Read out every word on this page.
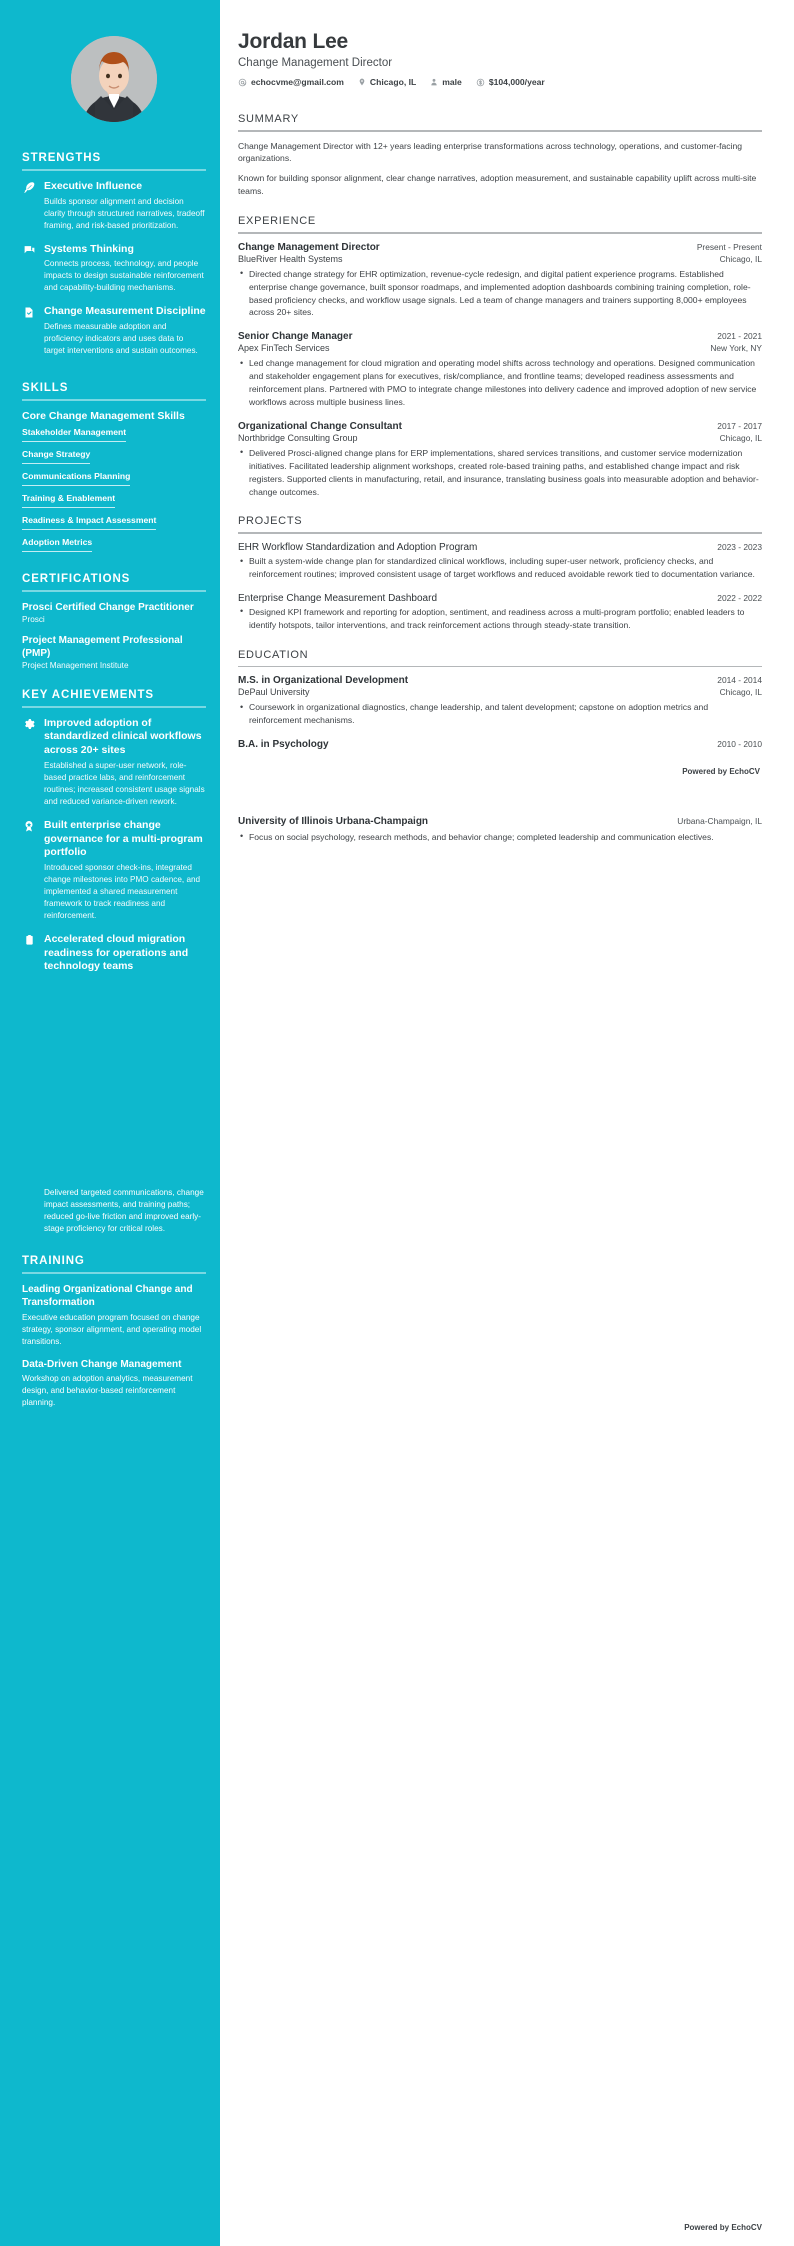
STRENGTHS
Executive Influence
Builds sponsor alignment and decision clarity through structured narratives, tradeoff framing, and risk-based prioritization.
Systems Thinking
Connects process, technology, and people impacts to design sustainable reinforcement and capability-building mechanisms.
Change Measurement Discipline
Defines measurable adoption and proficiency indicators and uses data to target interventions and sustain outcomes.
SKILLS
Core Change Management Skills
Stakeholder Management
Change Strategy
Communications Planning
Training & Enablement
Readiness & Impact Assessment
Adoption Metrics
CERTIFICATIONS
Prosci Certified Change Practitioner
Prosci
Project Management Professional (PMP)
Project Management Institute
KEY ACHIEVEMENTS
Improved adoption of standardized clinical workflows across 20+ sites
Established a super-user network, role-based practice labs, and reinforcement routines; increased consistent usage signals and reduced variance-driven rework.
Built enterprise change governance for a multi-program portfolio
Introduced sponsor check-ins, integrated change milestones into PMO cadence, and implemented a shared measurement framework to track readiness and reinforcement.
Accelerated cloud migration readiness for operations and technology teams
Delivered targeted communications, change impact assessments, and training paths; reduced go-live friction and improved early-stage proficiency for critical roles.
TRAINING
Leading Organizational Change and Transformation
Executive education program focused on change strategy, sponsor alignment, and operating model transitions.
Data-Driven Change Management
Workshop on adoption analytics, measurement design, and behavior-based reinforcement planning.
Jordan Lee
Change Management Director
echocvme@gmail.com	Chicago, IL	male	$104,000/year
SUMMARY

Change Management Director with 12+ years leading enterprise transformations across technology, operations, and customer-facing organizations.

Known for building sponsor alignment, clear change narratives, adoption measurement, and sustainable capability uplift across multi-site teams.

EXPERIENCE
Change Management Director	Present - Present
BlueRiver Health Systems	Chicago, IL
• Directed change strategy for EHR optimization, revenue-cycle redesign, and digital patient experience programs. Established enterprise change governance, built sponsor roadmaps, and implemented adoption dashboards combining training completion, role-based proficiency checks, and workflow usage signals. Led a team of change managers and trainers supporting 8,000+ employees across 20+ sites.
Senior Change Manager	2021 - 2021
Apex FinTech Services	New York, NY
• Led change management for cloud migration and operating model shifts across technology and operations. Designed communication and stakeholder engagement plans for executives, risk/compliance, and frontline teams; developed readiness assessments and reinforcement plans. Partnered with PMO to integrate change milestones into delivery cadence and improved adoption of new service workflows across multiple business lines.
Organizational Change Consultant	2017 - 2017
Northbridge Consulting Group	Chicago, IL
• Delivered Prosci-aligned change plans for ERP implementations, shared services transitions, and customer service modernization initiatives. Facilitated leadership alignment workshops, created role-based training paths, and established change impact and risk registers. Supported clients in manufacturing, retail, and insurance, translating business goals into measurable adoption and behavior-change outcomes.
PROJECTS
EHR Workflow Standardization and Adoption Program	2023 - 2023
• Built a system-wide change plan for standardized clinical workflows, including super-user network, proficiency checks, and reinforcement routines; improved consistent usage of target workflows and reduced avoidable rework tied to documentation variance.
Enterprise Change Measurement Dashboard	2022 - 2022
• Designed KPI framework and reporting for adoption, sentiment, and readiness across a multi-program portfolio; enabled leaders to identify hotspots, tailor interventions, and track reinforcement actions through steady-state transition.
EDUCATION
M.S. in Organizational Development	2014 - 2014
DePaul University	Chicago, IL
• Coursework in organizational diagnostics, change leadership, and talent development; capstone on adoption metrics and reinforcement mechanisms.
B.A. in Psychology	2010 - 2010
Powered by EchoCV
University of Illinois Urbana-Champaign	Urbana-Champaign, IL
• Focus on social psychology, research methods, and behavior change; completed leadership and communication electives.
Powered by EchoCV
